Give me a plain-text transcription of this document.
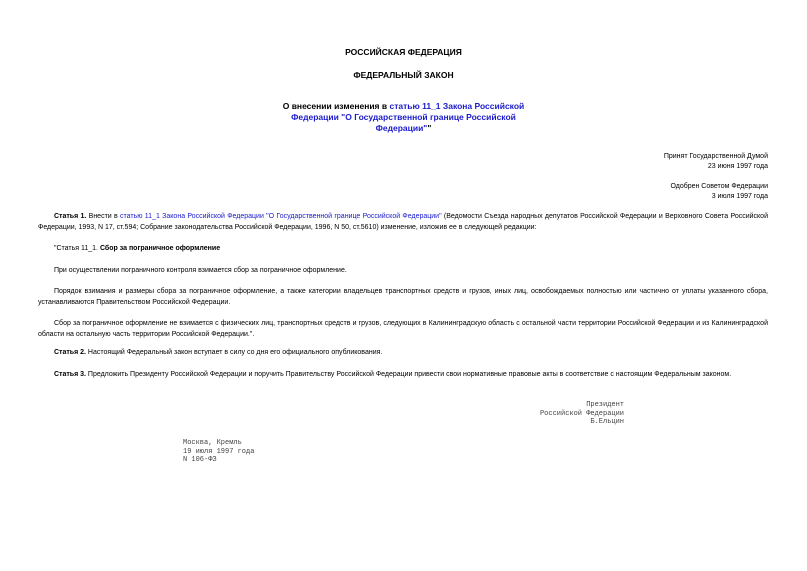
РОССИЙСКАЯ ФЕДЕРАЦИЯ
ФЕДЕРАЛЬНЫЙ ЗАКОН
О внесении изменения в статью 11_1 Закона Российской Федерации "О Государственной границе Российской Федерации""
Принят Государственной Думой
23 июня 1997 года
Одобрен Советом Федерации
3 июля 1997 года
Статья 1. Внести в статью 11_1 Закона Российской Федерации "О Государственной границе Российской Федерации" (Ведомости Съезда народных депутатов Российской Федерации и Верховного Совета Российской Федерации, 1993, N 17, ст.594; Собрание законодательства Российской Федерации, 1996, N 50, ст.5610) изменение, изложив ее в следующей редакции:
"Статья 11_1. Сбор за пограничное оформление
При осуществлении пограничного контроля взимается сбор за пограничное оформление.
Порядок взимания и размеры сбора за пограничное оформление, а также категории владельцев транспортных средств и грузов, иных лиц, освобождаемых полностью или частично от уплаты указанного сбора, устанавливаются Правительством Российской Федерации.
Сбор за пограничное оформление не взимается с физических лиц, транспортных средств и грузов, следующих в Калининградскую область с остальной части территории Российской Федерации и из Калининградской области на остальную часть территории Российской Федерации.".
Статья 2. Настоящий Федеральный закон вступает в силу со дня его официального опубликования.
Статья 3. Предложить Президенту Российской Федерации и поручить Правительству Российской Федерации привести свои нормативные правовые акты в соответствие с настоящим Федеральным законом.
Президент
Российской Федерации
Б.Ельцин
Москва, Кремль
19 июля 1997 года
N 106-ФЗ
